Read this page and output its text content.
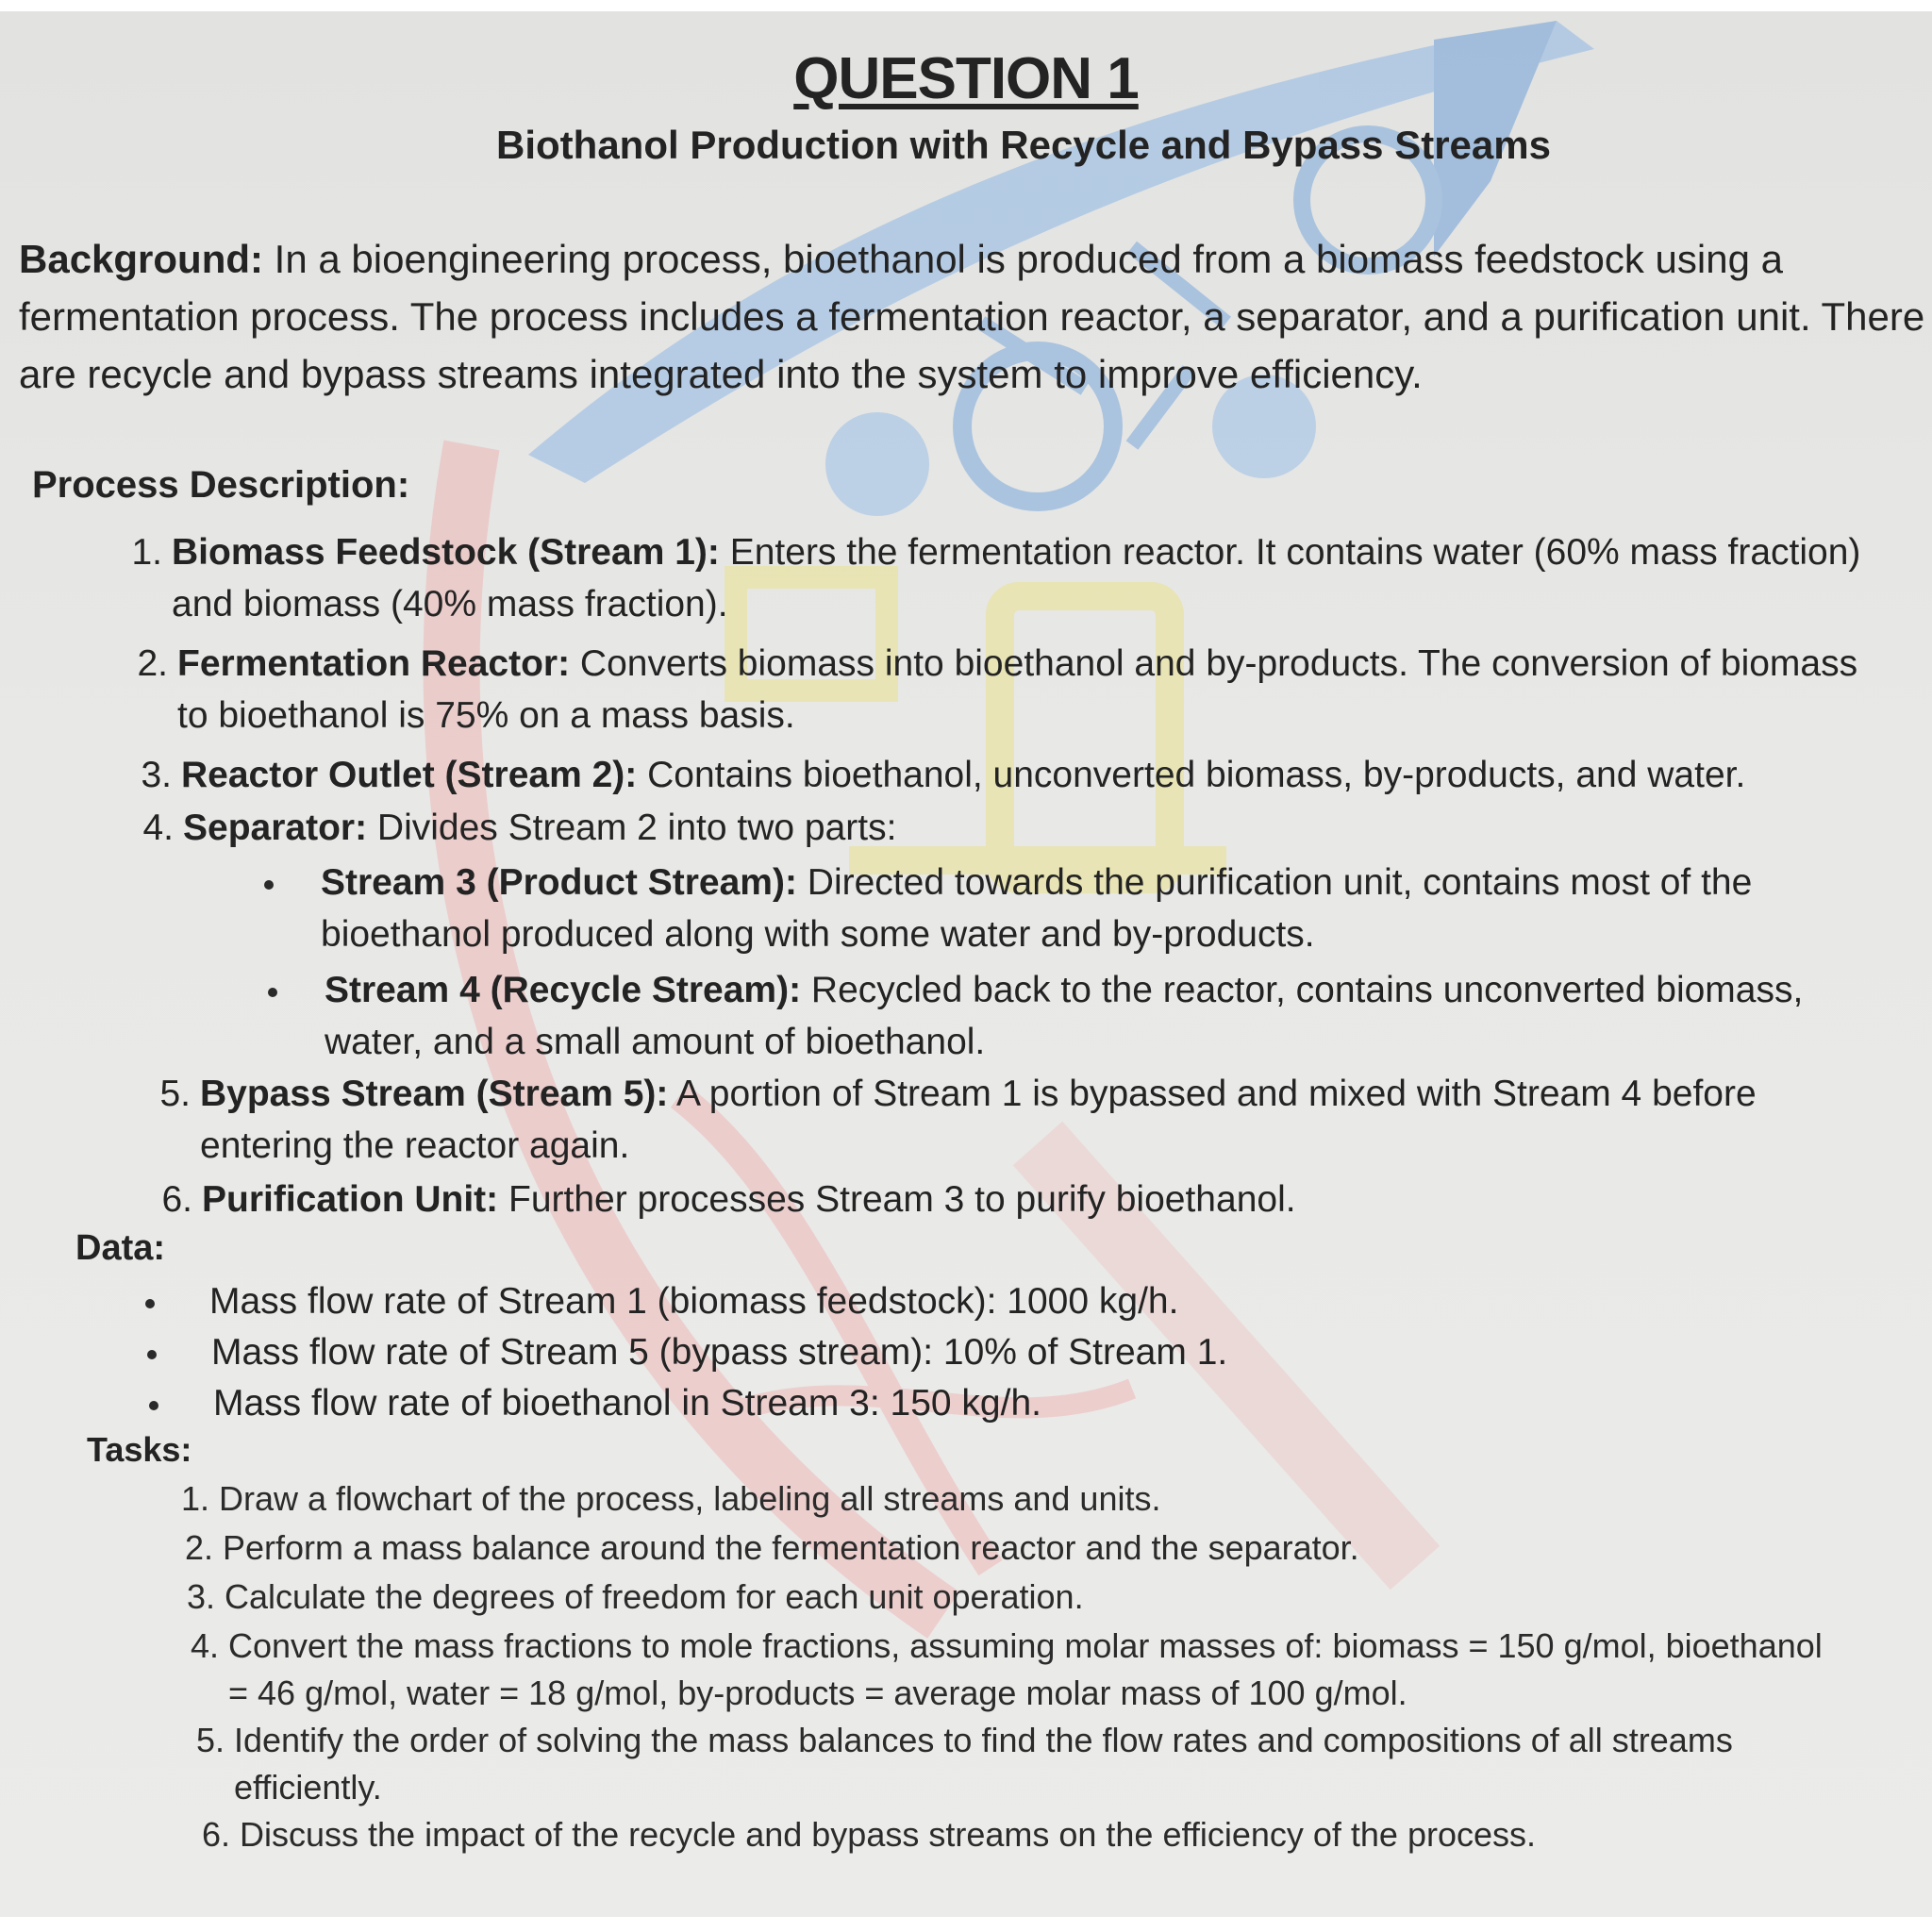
QUESTION 1
Biothanol Production with Recycle and Bypass Streams
Background: In a bioengineering process, bioethanol is produced from a biomass feedstock using a fermentation process. The process includes a fermentation reactor, a separator, and a purification unit. There are recycle and bypass streams integrated into the system to improve efficiency.
Process Description:
1. Biomass Feedstock (Stream 1): Enters the fermentation reactor. It contains water (60% mass fraction) and biomass (40% mass fraction).
2. Fermentation Reactor: Converts biomass into bioethanol and by-products. The conversion of biomass to bioethanol is 75% on a mass basis.
3. Reactor Outlet (Stream 2): Contains bioethanol, unconverted biomass, by-products, and water.
4. Separator: Divides Stream 2 into two parts:
Stream 3 (Product Stream): Directed towards the purification unit, contains most of the bioethanol produced along with some water and by-products.
Stream 4 (Recycle Stream): Recycled back to the reactor, contains unconverted biomass, water, and a small amount of bioethanol.
5. Bypass Stream (Stream 5): A portion of Stream 1 is bypassed and mixed with Stream 4 before entering the reactor again.
6. Purification Unit: Further processes Stream 3 to purify bioethanol.
Data:
Mass flow rate of Stream 1 (biomass feedstock): 1000 kg/h.
Mass flow rate of Stream 5 (bypass stream): 10% of Stream 1.
Mass flow rate of bioethanol in Stream 3: 150 kg/h.
Tasks:
1. Draw a flowchart of the process, labeling all streams and units.
2. Perform a mass balance around the fermentation reactor and the separator.
3. Calculate the degrees of freedom for each unit operation.
4. Convert the mass fractions to mole fractions, assuming molar masses of: biomass = 150 g/mol, bioethanol = 46 g/mol, water = 18 g/mol, by-products = average molar mass of 100 g/mol.
5. Identify the order of solving the mass balances to find the flow rates and compositions of all streams efficiently.
6. Discuss the impact of the recycle and bypass streams on the efficiency of the process.
